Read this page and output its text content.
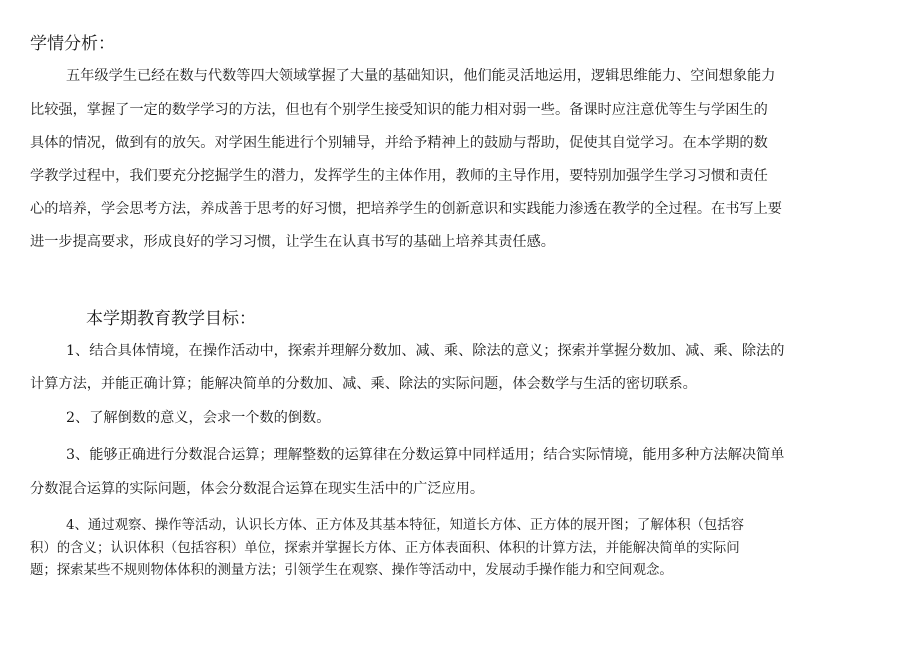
学情分析：
五年级学生已经在数与代数等四大领域掌握了大量的基础知识，他们能灵活地运用，逻辑思维能力、空间想象能力
比较强，掌握了一定的数学学习的方法，但也有个别学生接受知识的能力相对弱一些。备课时应注意优等生与学困生的
具体的情况，做到有的放矢。对学困生能进行个别辅导，并给予精神上的鼓励与帮助，促使其自觉学习。在本学期的数
学教学过程中，我们要充分挖掘学生的潜力，发挥学生的主体作用，教师的主导作用，要特别加强学生学习习惯和责任
心的培养，学会思考方法，养成善于思考的好习惯，把培养学生的创新意识和实践能力渗透在教学的全过程。在书写上要
进一步提高要求，形成良好的学习习惯，让学生在认真书写的基础上培养其责任感。
本学期教育教学目标：
1、结合具体情境，在操作活动中，探索并理解分数加、减、乘、除法的意义；探索并掌握分数加、减、乘、除法的
计算方法，并能正确计算；能解决简单的分数加、减、乘、除法的实际问题，体会数学与生活的密切联系。
2、了解倒数的意义，会求一个数的倒数。
3、能够正确进行分数混合运算；理解整数的运算律在分数运算中同样适用；结合实际情境，能用多种方法解决简单
分数混合运算的实际问题，体会分数混合运算在现实生活中的广泛应用。
4、通过观察、操作等活动，认识长方体、正方体及其基本特征，知道长方体、正方体的展开图；了解体积（包括容
积）的含义；认识体积（包括容积）单位，探索并掌握长方体、正方体表面积、体积的计算方法，并能解决简单的实际问
题；探索某些不规则物体体积的测量方法；引领学生在观察、操作等活动中，发展动手操作能力和空间观念。
